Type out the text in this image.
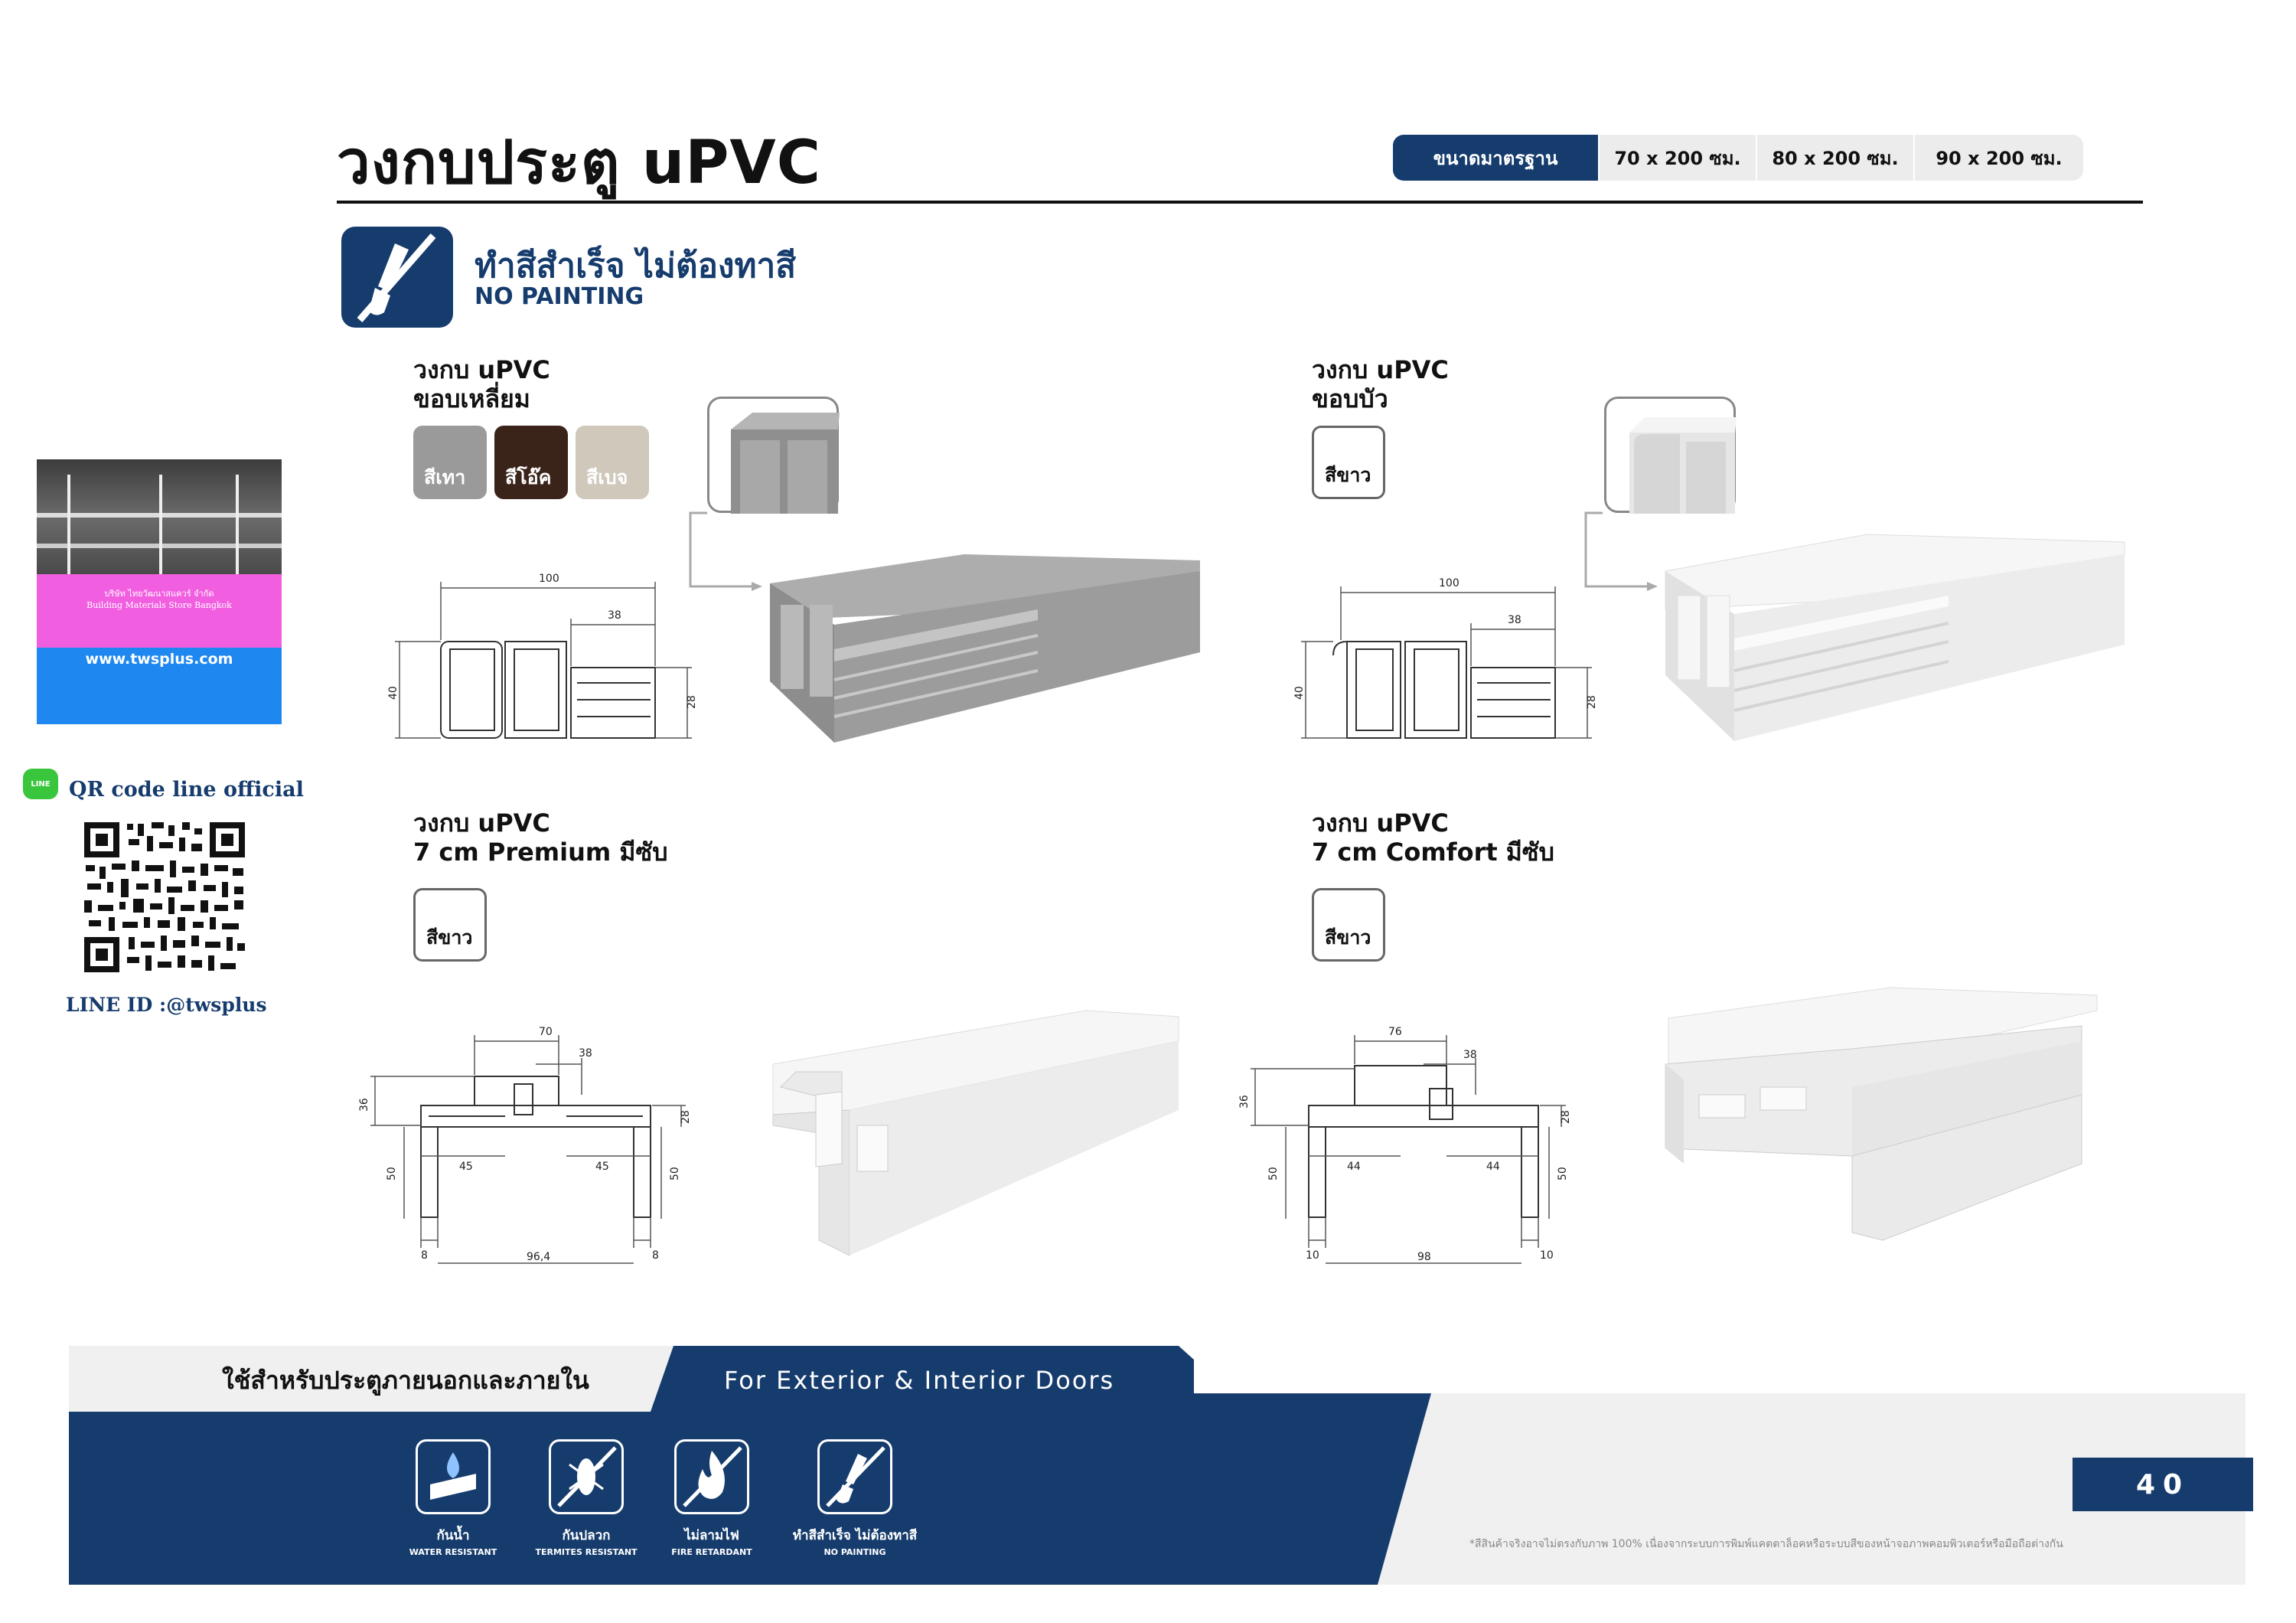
วงกบประตู uPVC	ขนาดมาตรฐาน	70 x 200 ซม.	80 x 200 ซม.	90 x 200 ซม.
ทำสีสำเร็จ ไม่ต้องทาสี
NO PAINTING
บริษัท ไทยวัฒนาสแควร์ จำกัด
Building Materials Store Bangkok
www.twsplus.com
LINE QR code line official
LINE ID :@twsplus
วงกบ uPVC
ขอบเหลี่ยม
สีเทา	สีโอ๊ค	สีเบจ
100
38
40
28
วงกบ uPVC
ขอบบัว
สีขาว
100
38
40
28
วงกบ uPVC
7 cm Premium มีซับ
สีขาว
70
38
36
28
50
45	45
50
8	96,4	8
วงกบ uPVC
7 cm Comfort มีซับ
สีขาว
76
38
36
28
50
44	44
50
10	98	10
ใช้สำหรับประตูภายนอกและภายใน	For Exterior & Interior Doors
กันน้ำ
WATER RESISTANT
กันปลวก
TERMITES RESISTANT
ไม่ลามไฟ
FIRE RETARDANT
ทำสีสำเร็จ ไม่ต้องทาสี
NO PAINTING
*สีสินค้าจริงอาจไม่ตรงกับภาพ 100% เนื่องจากระบบการพิมพ์แคตตาล็อคหรือระบบสีของหน้าจอภาพคอมพิวเตอร์หรือมือถือต่างกัน
40
